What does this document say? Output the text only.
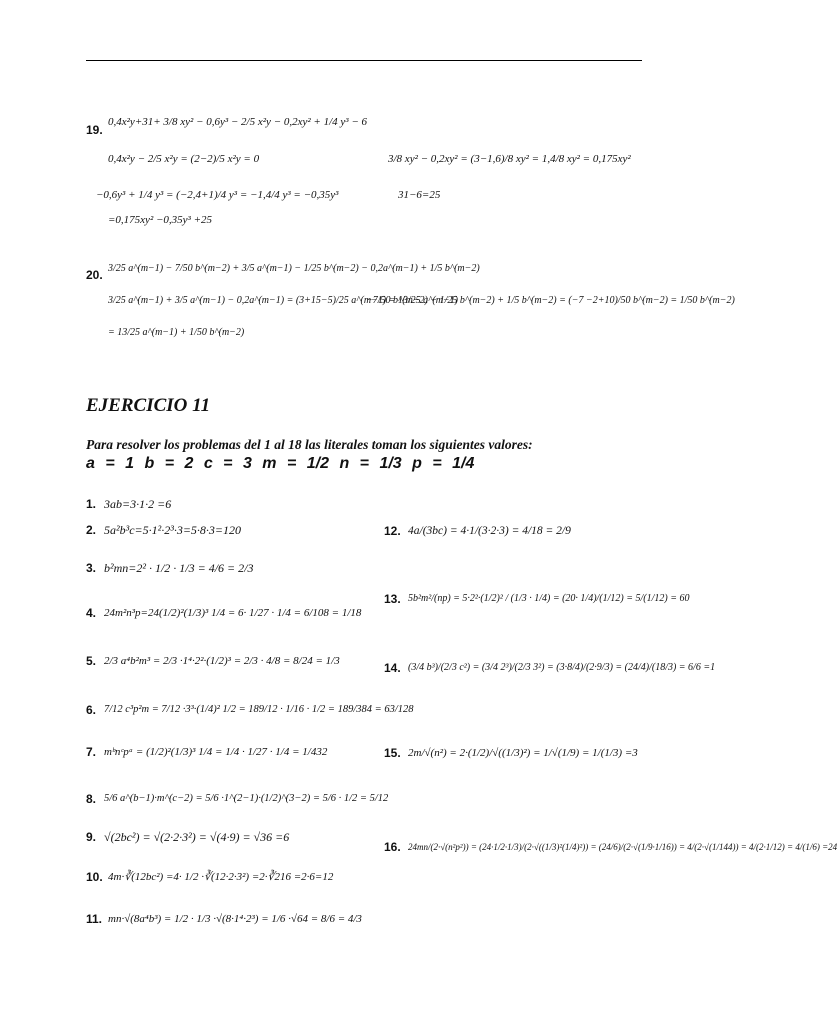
19.
0,4x²y+31+ 3/8 xy² − 0,6y³ − 2/5 x²y − 0,2xy² + 1/4 y³ − 6
0,4x²y − 2/5 x²y = (2−2)/5 x²y = 0	3/8 xy² − 0,2xy² = (3−1,6)/8 xy² = 1,4/8 xy² = 0,175xy²
−0,6y³ + 1/4 y³ = (−2,4+1)/4 y³ = −1,4/4 y³ = −0,35y³	31−6=25
=0,175xy² −0,35y³ +25
20. 3/25 a^(m−1) − 7/50 b^(m−2) + 3/5 a^(m−1) − 1/25 b^(m−2) − 0,2a^(m−1) + 1/5 b^(m−2)
3/25 a^(m−1) + 3/5 a^(m−1) − 0,2a^(m−1) = (3+15−5)/25 a^(m−1) = 13/25 a^(m−1)
−7/50 b^(m−2) − 1/25 b^(m−2) + 1/5 b^(m−2) = (−7 −2+10)/50 b^(m−2) = 1/50 b^(m−2)
= 13/25 a^(m−1) + 1/50 b^(m−2)
EJERCICIO 11
Para resolver los problemas del 1 al 18 las literales toman los siguientes valores:
a = 1 b = 2 c = 3 m = 1/2 n = 1/3 p = 1/4
1. 3ab=3·1·2 =6
2. 5a²b³c=5·1²·2³·3=5·8·3=120
3. b²mn=2² · 1/2 · 1/3 = 4/6 = 2/3
4. 24m²n³p=24(1/2)²(1/3)³ 1/4 = 6· 1/27 · 1/4 = 6/108 = 1/18
5. 2/3 a⁴b²m³ = 2/3 ·1⁴·2²·(1/2)³ = 2/3 · 4/8 = 8/24 = 1/3
6. 7/12 c³p²m = 7/12 ·3³·(1/4)² 1/2 = 189/12 · 1/16 · 1/2 = 189/384 = 63/128
7. mᵇnᶜpᵃ = (1/2)²(1/3)³ 1/4 = 1/4 · 1/27 · 1/4 = 1/432
8. 5/6 a^(b−1)·m^(c−2) = 5/6 ·1^(2−1)·(1/2)^(3−2) = 5/6 · 1/2 = 5/12
9. √(2bc²) = √(2·2·3²) = √(4·9) = √36 =6
10. 4m·∛(12bc²) =4· 1/2 ·∛(12·2·3²) =2·∛216 =2·6=12
11. mn·√(8a⁴b³) = 1/2 · 1/3 ·√(8·1⁴·2³) = 1/6 ·√64 = 8/6 = 4/3
12. 4a/(3bc) = 4·1/(3·2·3) = 4/18 = 2/9
13. 5b²m²/(np) = 5·2²·(1/2)² / (1/3 · 1/4) = (20· 1/4)/(1/12) = 5/(1/12) = 60
14. (3/4 b³)/(2/3 c²) = (3/4 2³)/(2/3 3²) = (3·8/4)/(2·9/3) = (24/4)/(18/3) = 6/6 =1
15. 2m/√(n²) = 2·(1/2)/√((1/3)²) = 1/√(1/9) = 1/(1/3) =3
16. 24mn/(2·√(n²p²)) = (24·1/2·1/3)/(2·√((1/3)²(1/4)²)) = (24/6)/(2·√(1/9·1/16)) = 4/(2·√(1/144)) = 4/(2·1/12) = 4/(1/6) =24
